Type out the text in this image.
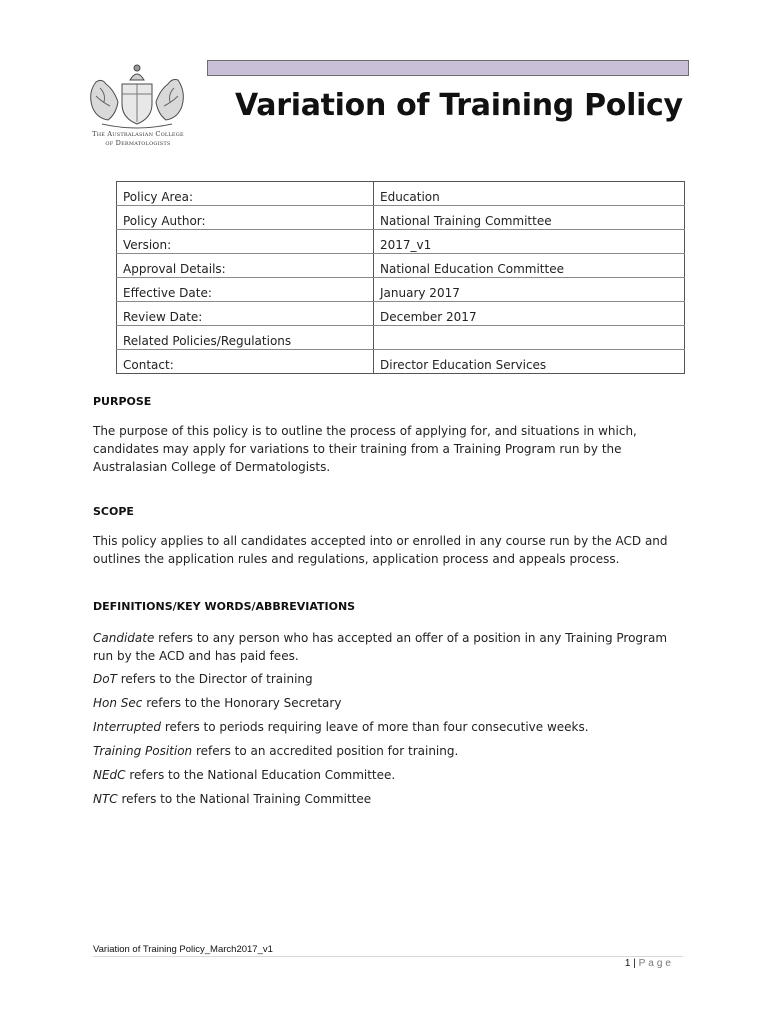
The Australasian College
of Dermatologists
Variation of Training Policy
Policy Area:	Education
Policy Author:	National Training Committee
Version:	2017_v1
Approval Details:	National Education Committee
Effective Date:	January 2017
Review Date:	December 2017
Related Policies/Regulations	
Contact:	Director Education Services

PURPOSE

The purpose of this policy is to outline the process of applying for, and situations in which, candidates may apply for variations to their training from a Training Program run by the Australasian College of Dermatologists.

SCOPE

This policy applies to all candidates accepted into or enrolled in any course run by the ACD and outlines the application rules and regulations, application process and appeals process.

DEFINITIONS/KEY WORDS/ABBREVIATIONS

Candidate refers to any person who has accepted an offer of a position in any Training Program run by the ACD and has paid fees.

DoT refers to the Director of training

Hon Sec refers to the Honorary Secretary

Interrupted refers to periods requiring leave of more than four consecutive weeks.

Training Position refers to an accredited position for training.

NEdC refers to the National Education Committee.

NTC refers to the National Training Committee

Variation of Training Policy_March2017_v1
1 | Page
